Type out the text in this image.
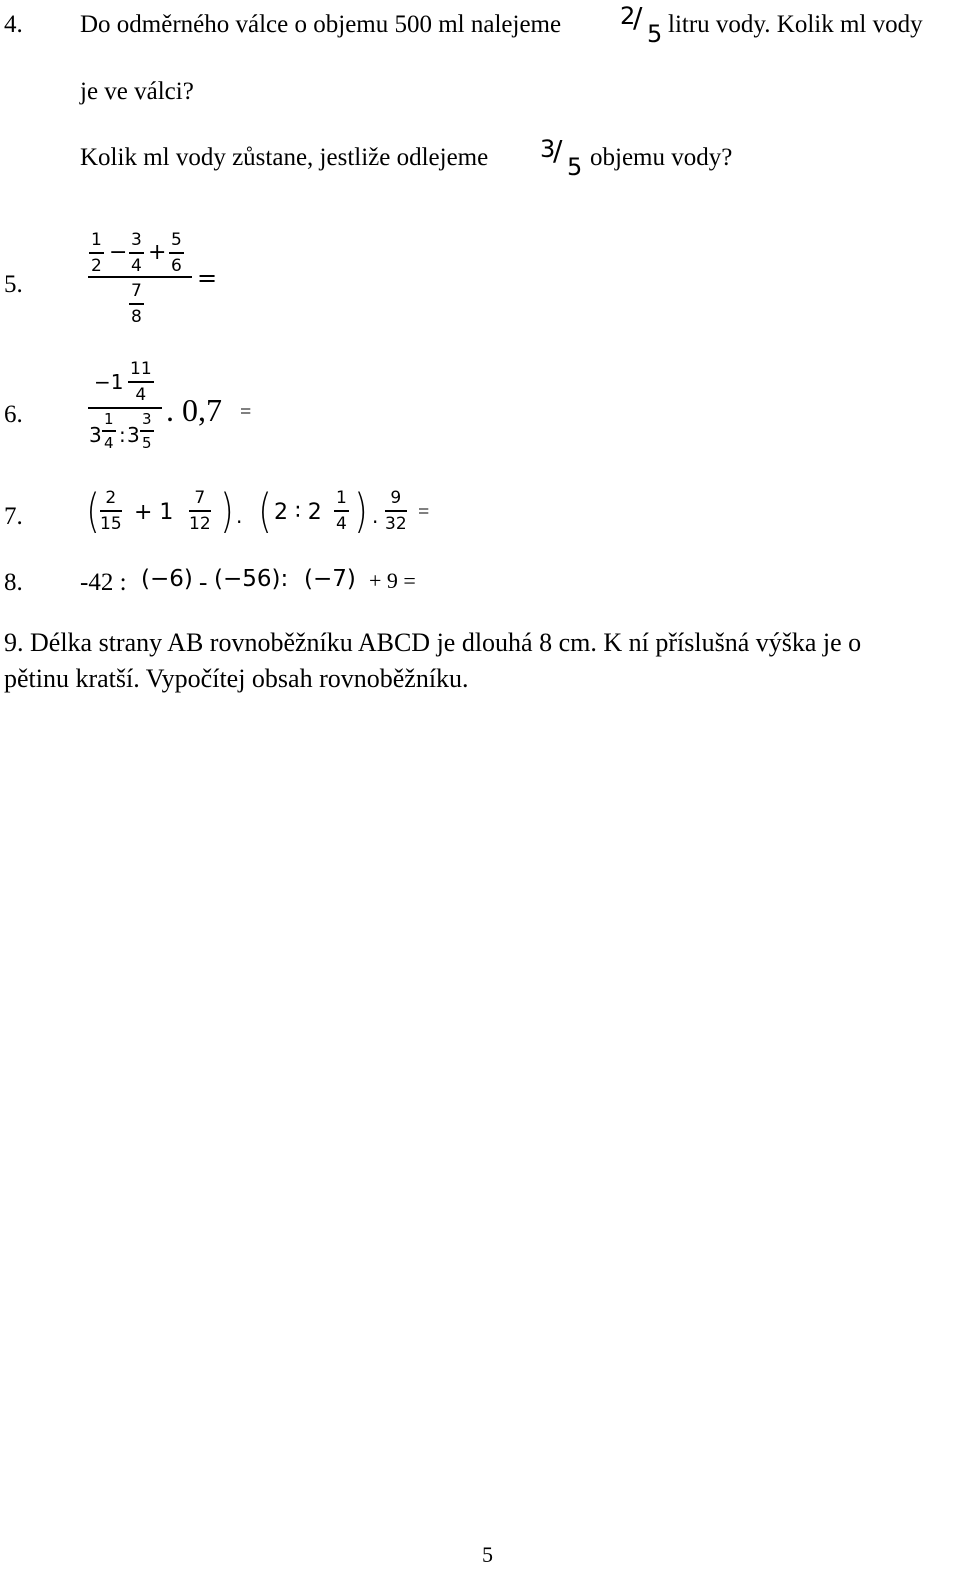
4. Do odměrného válce o objemu 500 ml nalejeme 2
/ 5 litru vody. Kolik ml vody
je ve válci?
Kolik ml vody zůstane, jestliže odlejeme 3
/ 5 objemu vody?
5.
1
2
− 3
4
+ 5
6
7
8
=
6.
−1
11
4
3
1
4 : 3
3
5
. 0,7 =
7. ( 2
15 + 1
7
12 ) . ( 2 ∶ 2
1
4 ) .
9
32
=
8. -42 : (−6) - (−56): (−7) + 9 =
9. Délka strany AB rovnoběžníku ABCD je dlouhá 8 cm. K ní příslušná výška je o
pětinu kratší. Vypočítej obsah rovnoběžníku.
5
